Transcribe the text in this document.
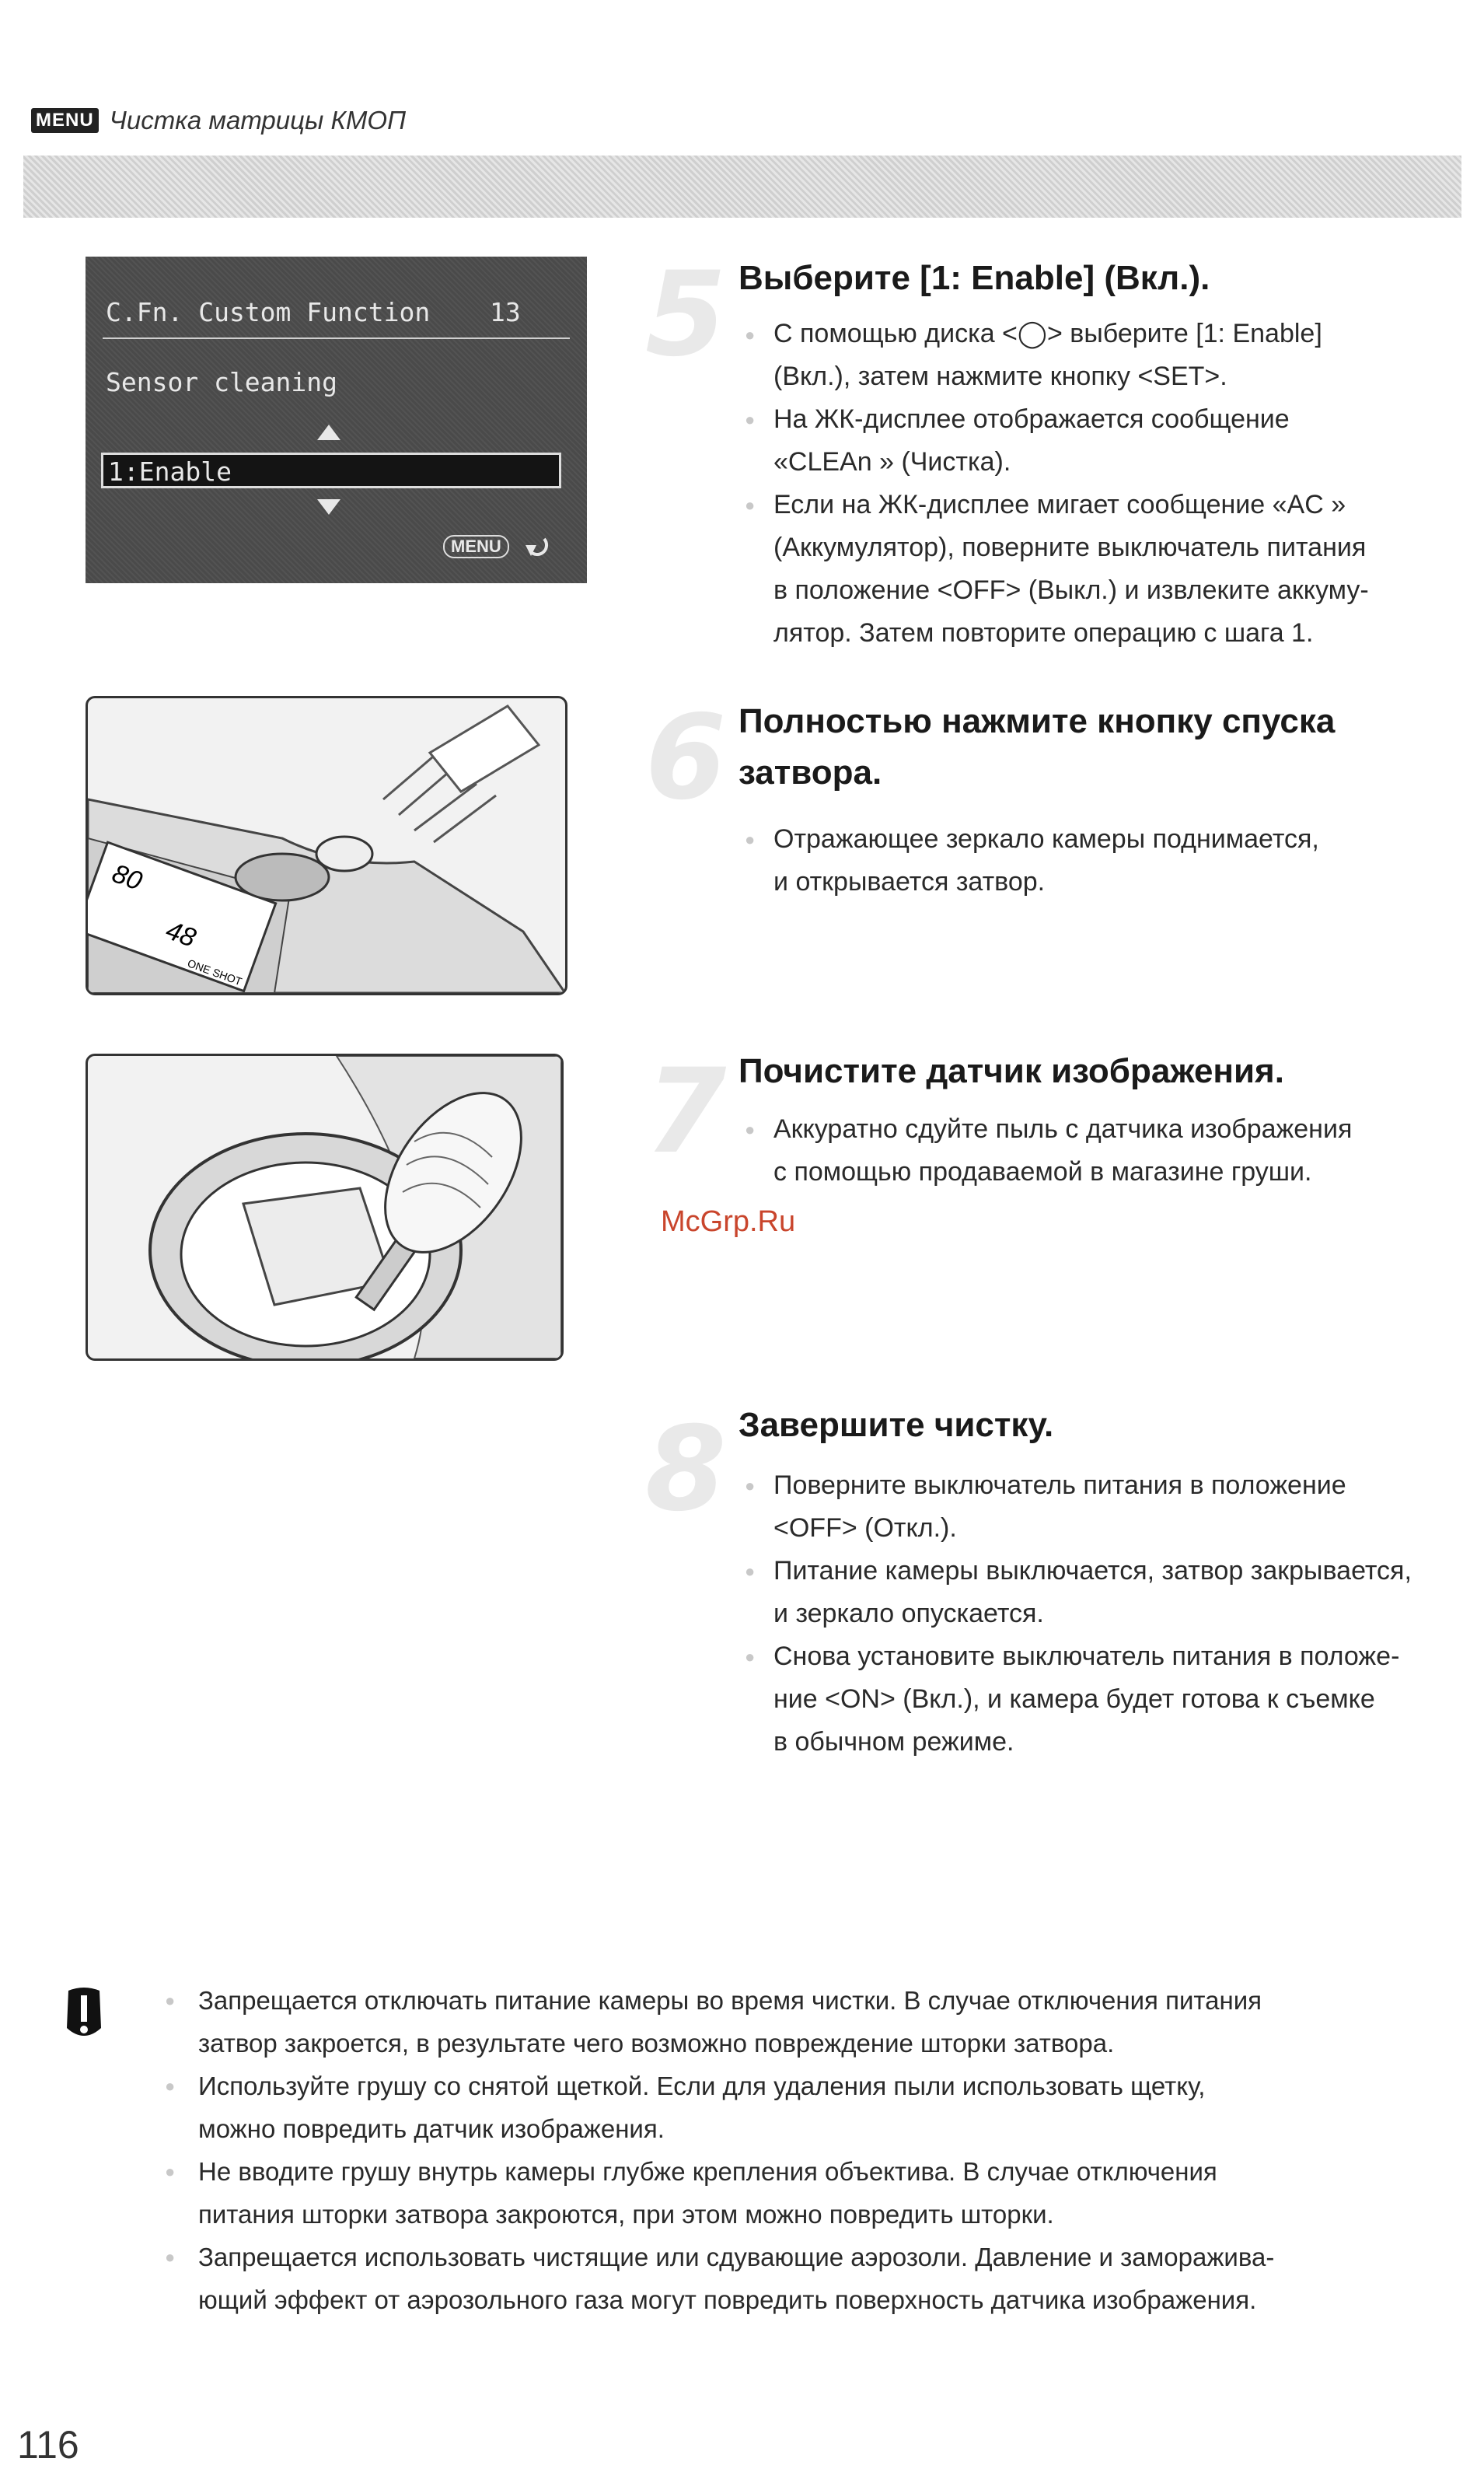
MENU Чистка матрицы КМОП
C.Fn. Custom Function 13
Sensor cleaning
1:Enable
MENU
80
48
ONE SHOT
5 Выберите [1: Enable] (Вкл.).
● С помощью диска <◯> выберите [1: Enable]
(Вкл.), затем нажмите кнопку <SET>.
● На ЖК-дисплее отображается сообщение
«CLEAn » (Чистка).
● Если на ЖК-дисплее мигает сообщение «AC »
(Аккумулятор), поверните выключатель питания
в положение <OFF> (Выкл.) и извлеките аккуму-
лятор. Затем повторите операцию с шага 1.
6 Полностью нажмите кнопку спуска
затвора.
● Отражающее зеркало камеры поднимается,
и открывается затвор.
7 Почистите датчик изображения.
● Аккуратно сдуйте пыль с датчика изображения
с помощью продаваемой в магазине груши.
McGrp.Ru
8 Завершите чистку.
● Поверните выключатель питания в положение
<OFF> (Откл.).
● Питание камеры выключается, затвор закрывается,
и зеркало опускается.
● Снова установите выключатель питания в положе-
ние <ON> (Вкл.), и камера будет готова к съемке
в обычном режиме.
● Запрещается отключать питание камеры во время чистки. В случае отключения питания
затвор закроется, в результате чего возможно повреждение шторки затвора.
● Используйте грушу со снятой щеткой. Если для удаления пыли использовать щетку,
можно повредить датчик изображения.
● Не вводите грушу внутрь камеры глубже крепления объектива. В случае отключения
питания шторки затвора закроются, при этом можно повредить шторки.
● Запрещается использовать чистящие или сдувающие аэрозоли. Давление и заморажива-
ющий эффект от аэрозольного газа могут повредить поверхность датчика изображения.
116
